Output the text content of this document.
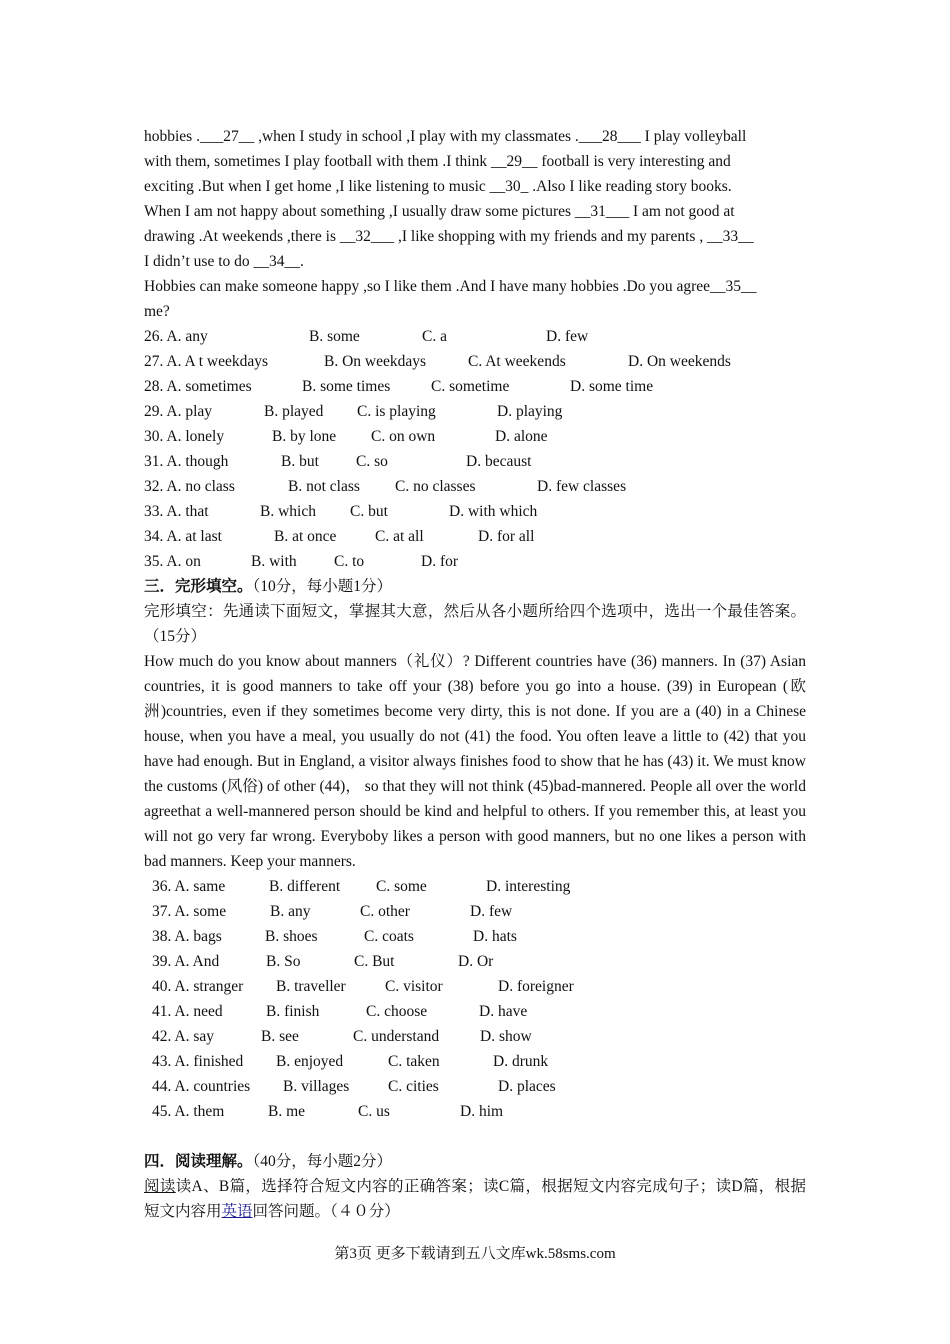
hobbies .___27__ ,when I study in school ,I play with my classmates .___28___ I play volleyball
with them, sometimes I play football with them .I think __29__ football is very interesting and
exciting .But when I get home ,I like listening to music __30_ .Also I like reading story books.
When I am not happy about something ,I usually draw some pictures __31___ I am not good at
drawing .At weekends ,there is __32___ ,I like shopping with my friends and my parents , __33__
I didn’t use to do __34__.
Hobbies can make someone happy ,so I like them .And I have many hobbies .Do you agree__35__
me?
26. A. any	B. some	C. a	D. few
27. A. A t weekdays	B. On weekdays	C. At weekends	D. On weekends
28. A. sometimes	B. some times	C. sometime	D. some time
29. A. play	B. played	C. is playing	D. playing
30. A. lonely	B. by lone	C. on own	D. alone
31. A. though	B. but	C. so	D. becaust
32. A. no class	B. not class	C. no classes	D. few classes
33. A. that	B. which	C. but	D. with which
34. A. at last	B. at once	C. at all	D. for all
35. A. on	B. with	C. to	D. for
三．完形填空。（10分，每小题1分）
完形填空：先通读下面短文，掌握其大意，然后从各小题所给四个选项中，选出一个最佳答案。（15分）
How much do you know about manners（礼仪）? Different countries have (36) manners. In (37) Asian countries, it is good manners to take off your (38) before you go into a house. (39) in European (欧洲)countries, even if they sometimes become very dirty, this is not done. If you are a (40) in a Chinese house, when you have a meal, you usually do not (41) the food. You often leave a little to (42) that you have had enough. But in England, a visitor always finishes food to show that he has (43) it. We must know the customs (风俗) of other (44)， so that they will not think (45)bad-mannered. People all over the world agreethat a well-mannered person should be kind and helpful to others. If you remember this, at least you will not go very far wrong. Everyboby likes a person with good manners, but no one likes a person with bad manners. Keep your manners.
36. A. same	B. different	C. some	D. interesting
37. A. some	B. any	C. other	D. few
38. A. bags	B. shoes	C. coats	D. hats
39. A. And	B. So	C. But	D. Or
40. A. stranger	B. traveller	C. visitor	D. foreigner
41. A. need	B. finish	C. choose	D. have
42. A. say	B. see	C. understand	D. show
43. A. finished	B. enjoyed	C. taken	D. drunk
44. A. countries	B. villages	C. cities	D. places
45. A. them	B. me	C. us	D. him
四．阅读理解。（40分，每小题2分）
阅读读A、B篇，选择符合短文内容的正确答案；读C篇，根据短文内容完成句子；读D篇，根据短文内容用英语回答问题。（４０分）
第3页 更多下载请到五八文库wk.58sms.com
